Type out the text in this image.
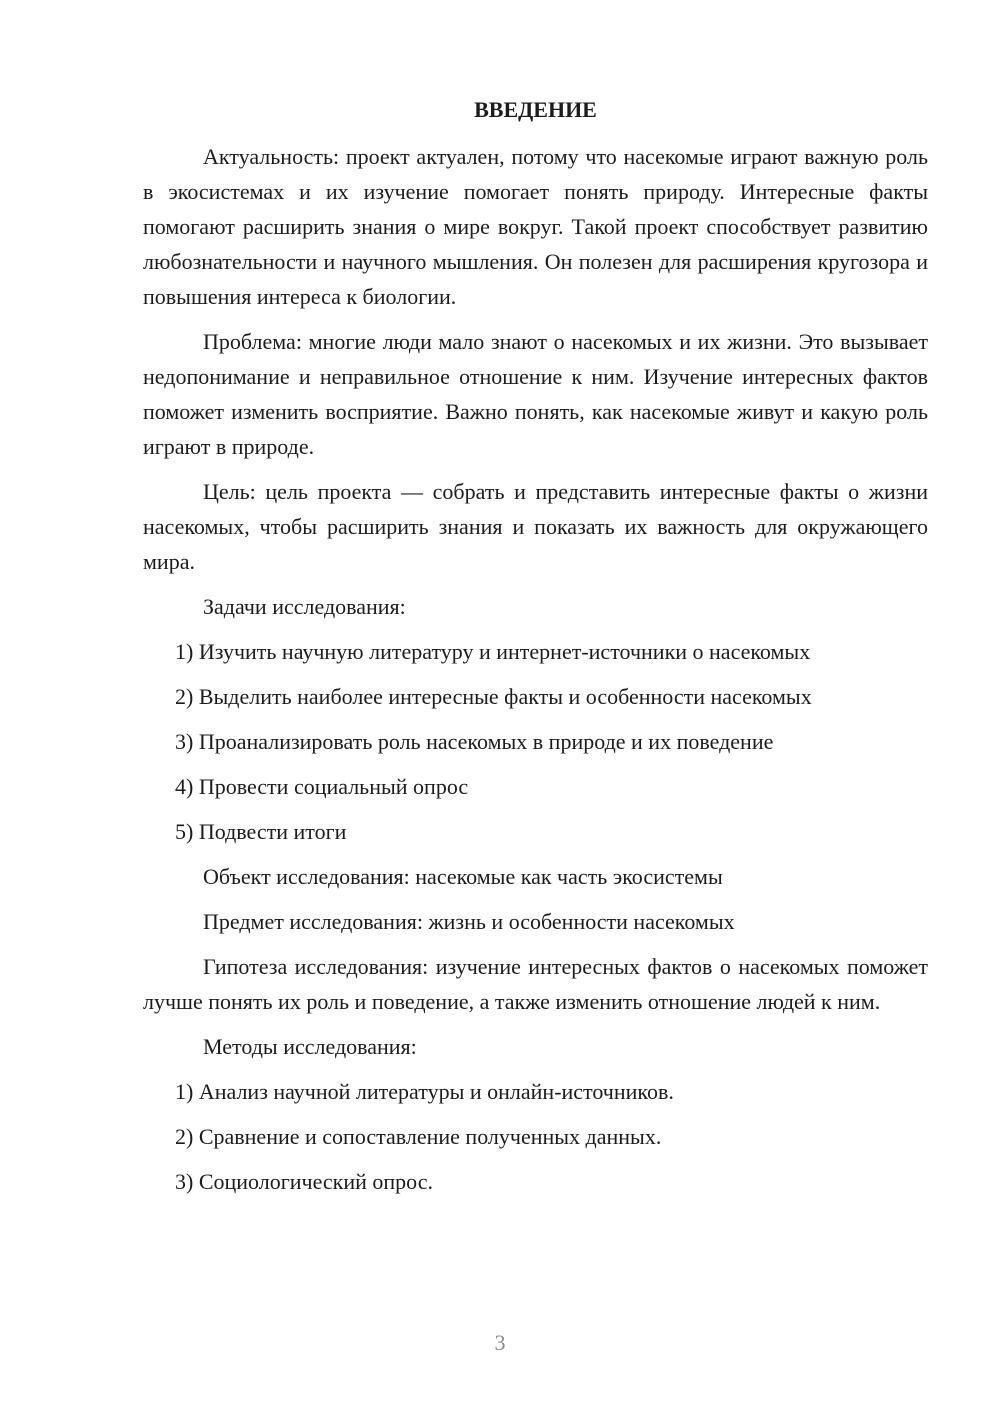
ВВЕДЕНИЕ
Актуальность: проект актуален, потому что насекомые играют важную роль в экосистемах и их изучение помогает понять природу. Интересные факты помогают расширить знания о мире вокруг. Такой проект способствует развитию любознательности и научного мышления. Он полезен для расширения кругозора и повышения интереса к биологии.
Проблема: многие люди мало знают о насекомых и их жизни. Это вызывает недопонимание и неправильное отношение к ним. Изучение интересных фактов поможет изменить восприятие. Важно понять, как насекомые живут и какую роль играют в природе.
Цель: цель проекта — собрать и представить интересные факты о жизни насекомых, чтобы расширить знания и показать их важность для окружающего мира.
Задачи исследования:
1) Изучить научную литературу и интернет-источники о насекомых
2) Выделить наиболее интересные факты и особенности насекомых
3) Проанализировать роль насекомых в природе и их поведение
4) Провести социальный опрос
5) Подвести итоги
Объект исследования: насекомые как часть экосистемы
Предмет исследования: жизнь и особенности насекомых
Гипотеза исследования: изучение интересных фактов о насекомых поможет лучше понять их роль и поведение, а также изменить отношение людей к ним.
Методы исследования:
1) Анализ научной литературы и онлайн-источников.
2) Сравнение и сопоставление полученных данных.
3) Социологический опрос.
3
